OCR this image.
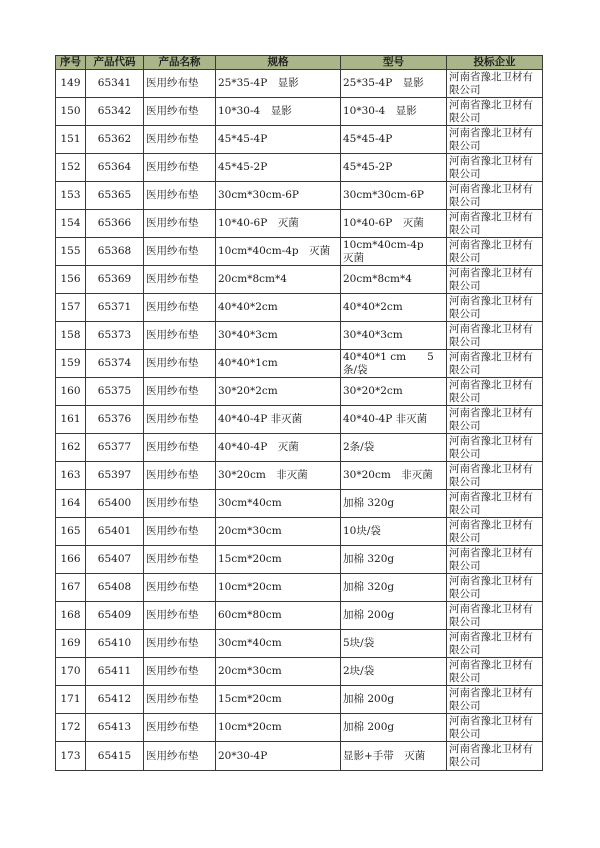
序号	产品代码	产品名称	规格	型号	投标企业
149	65341	医用纱布垫	25*35-4P　显影	25*35-4P　显影	河南省豫北卫材有限公司
150	65342	医用纱布垫	10*30-4　显影	10*30-4　显影	河南省豫北卫材有限公司
151	65362	医用纱布垫	45*45-4P	45*45-4P	河南省豫北卫材有限公司
152	65364	医用纱布垫	45*45-2P	45*45-2P	河南省豫北卫材有限公司
153	65365	医用纱布垫	30cm*30cm-6P	30cm*30cm-6P	河南省豫北卫材有限公司
154	65366	医用纱布垫	10*40-6P　灭菌	10*40-6P　灭菌	河南省豫北卫材有限公司
155	65368	医用纱布垫	10cm*40cm-4p　灭菌	10cm*40cm-4p　灭菌	河南省豫北卫材有限公司
156	65369	医用纱布垫	20cm*8cm*4	20cm*8cm*4	河南省豫北卫材有限公司
157	65371	医用纱布垫	40*40*2cm	40*40*2cm	河南省豫北卫材有限公司
158	65373	医用纱布垫	30*40*3cm	30*40*3cm	河南省豫北卫材有限公司
159	65374	医用纱布垫	40*40*1cm	40*40*1 cm　　5条/袋	河南省豫北卫材有限公司
160	65375	医用纱布垫	30*20*2cm	30*20*2cm	河南省豫北卫材有限公司
161	65376	医用纱布垫	40*40-4P 非灭菌	40*40-4P 非灭菌	河南省豫北卫材有限公司
162	65377	医用纱布垫	40*40-4P　灭菌	2条/袋	河南省豫北卫材有限公司
163	65397	医用纱布垫	30*20cm　非灭菌	30*20cm　非灭菌	河南省豫北卫材有限公司
164	65400	医用纱布垫	30cm*40cm	加棉 320g	河南省豫北卫材有限公司
165	65401	医用纱布垫	20cm*30cm	10块/袋	河南省豫北卫材有限公司
166	65407	医用纱布垫	15cm*20cm	加棉 320g	河南省豫北卫材有限公司
167	65408	医用纱布垫	10cm*20cm	加棉 320g	河南省豫北卫材有限公司
168	65409	医用纱布垫	60cm*80cm	加棉 200g	河南省豫北卫材有限公司
169	65410	医用纱布垫	30cm*40cm	5块/袋	河南省豫北卫材有限公司
170	65411	医用纱布垫	20cm*30cm	2块/袋	河南省豫北卫材有限公司
171	65412	医用纱布垫	15cm*20cm	加棉 200g	河南省豫北卫材有限公司
172	65413	医用纱布垫	10cm*20cm	加棉 200g	河南省豫北卫材有限公司
173	65415	医用纱布垫	20*30-4P	显影+手带　灭菌	河南省豫北卫材有限公司
